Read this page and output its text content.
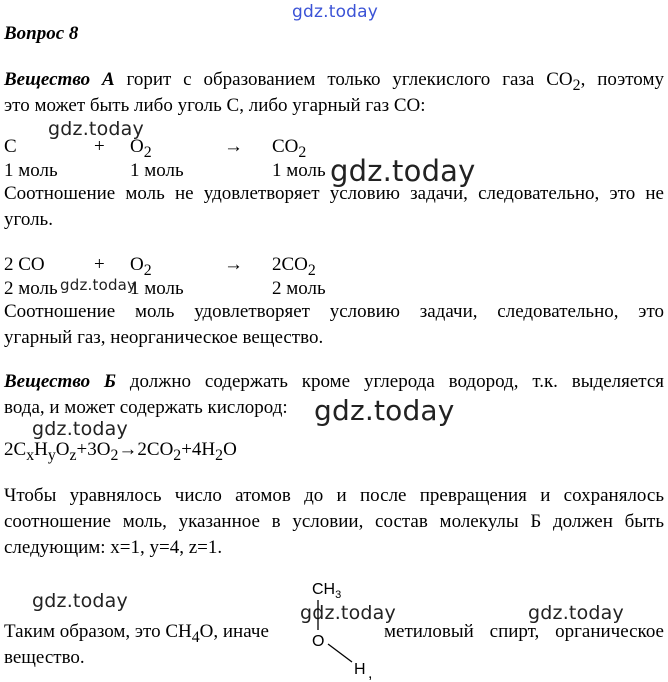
gdz.today
Вопрос 8
Вещество А горит с образованием только углекислого газа $СО_2$, поэтому
это может быть либо уголь С, либо угарный газ СО:
gdz.today
С	+ $O_2$	→ $CO_2$
1 моль	1 моль	1 моль gdz.today
Соотношение моль не удовлетворяет условию задачи, следовательно, это не
уголь.
2 CO	+ $O_2$	→ $2CO_2$
2 моль	1 моль	2 моль
gdz.today
Соотношение моль удовлетворяет условию задачи, следовательно, это
угарный газ, неорганическое вещество.
Вещество Б должно содержать кроме углерода водород, т.к. выделяется
вода, и может содержать кислород: gdz.today
gdz.today
$2C_xH_yO_z+3O_2\to 2CO_2+4H_2O$
Чтобы уравнялось число атомов до и после превращения и сохранялось
соотношение моль, указанное в условии, состав молекулы Б должен быть
следующим: x=1, y=4, z=1.
gdz.today
gdz.today	gdz.today
Таким образом, это $СН_4О$, иначе	метиловый спирт, органическое
вещество.
$CH_3$
O
H ,
